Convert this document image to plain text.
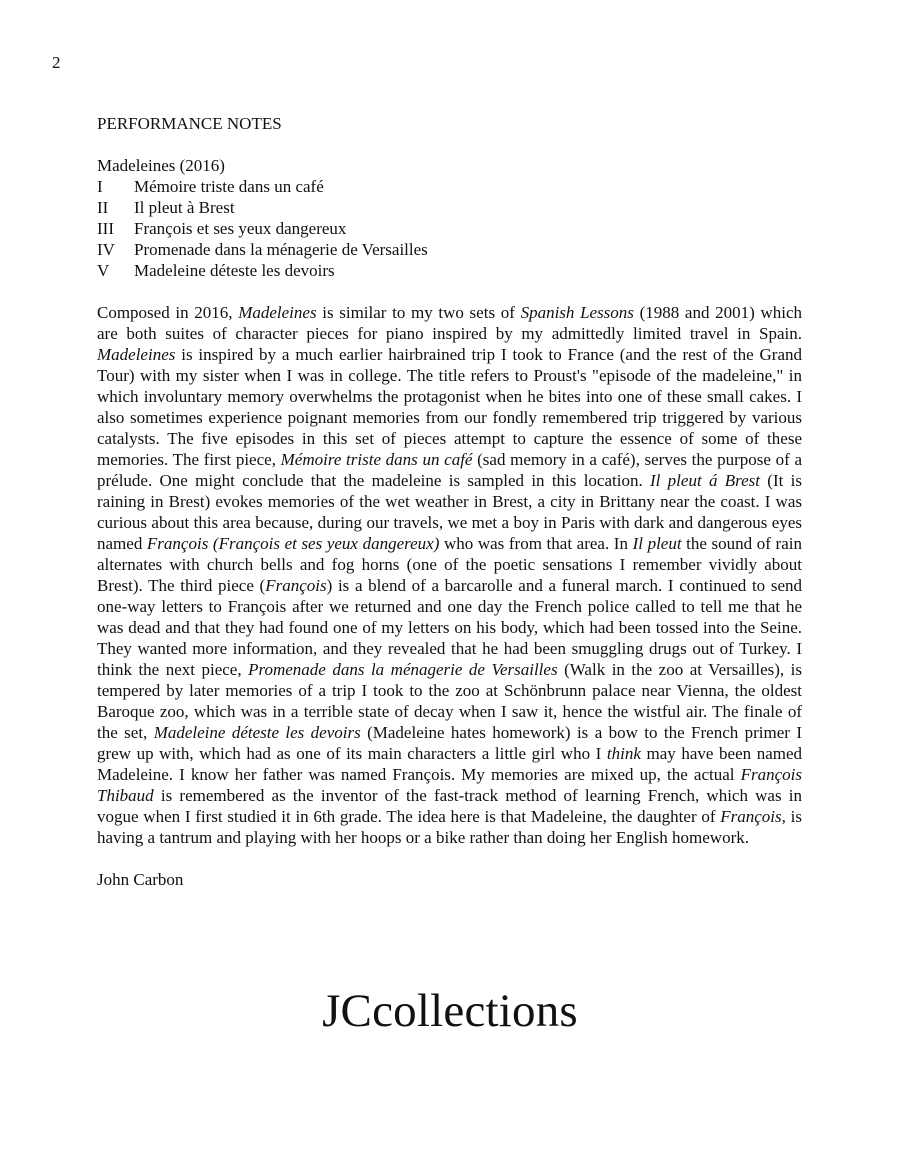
2
PERFORMANCE NOTES

Madeleines (2016)

I	Mémoire triste dans un café
II	Il pleut à Brest
III	François et ses yeux dangereux
IV	Promenade dans la ménagerie de Versailles
V	Madeleine déteste les devoirs

Composed in 2016, Madeleines is similar to my two sets of Spanish Lessons (1988 and 2001) which are both suites of character pieces for piano inspired by my admittedly limited travel in Spain. Madeleines is inspired by a much earlier hairbrained trip I took to France (and the rest of the Grand Tour) with my sister when I was in college. The title refers to Proust's "episode of the madeleine," in which involuntary memory overwhelms the protagonist when he bites into one of these small cakes. I also sometimes experience poignant memories from our fondly remembered trip triggered by various catalysts. The five episodes in this set of pieces attempt to capture the essence of some of these memories. The first piece, Mémoire triste dans un café (sad memory in a café), serves the purpose of a prélude. One might conclude that the madeleine is sampled in this location. Il pleut á Brest (It is raining in Brest) evokes memories of the wet weather in Brest, a city in Brittany near the coast. I was curious about this area because, during our travels, we met a boy in Paris with dark and dangerous eyes named François (François et ses yeux dangereux) who was from that area. In Il pleut the sound of rain alternates with church bells and fog horns (one of the poetic sensations I remember vividly about Brest). The third piece (François) is a blend of a barcarolle and a funeral march. I continued to send one-way letters to François after we returned and one day the French police called to tell me that he was dead and that they had found one of my letters on his body, which had been tossed into the Seine. They wanted more information, and they revealed that he had been smuggling drugs out of Turkey. I think the next piece, Promenade dans la ménagerie de Versailles (Walk in the zoo at Versailles), is tempered by later memories of a trip I took to the zoo at Schönbrunn palace near Vienna, the oldest Baroque zoo, which was in a terrible state of decay when I saw it, hence the wistful air. The finale of the set, Madeleine déteste les devoirs (Madeleine hates homework) is a bow to the French primer I grew up with, which had as one of its main characters a little girl who I think may have been named Madeleine. I know her father was named François. My memories are mixed up, the actual François Thibaud is remembered as the inventor of the fast-track method of learning French, which was in vogue when I first studied it in 6th grade. The idea here is that Madeleine, the daughter of François, is having a tantrum and playing with her hoops or a bike rather than doing her English homework.

John Carbon

JCcollections
